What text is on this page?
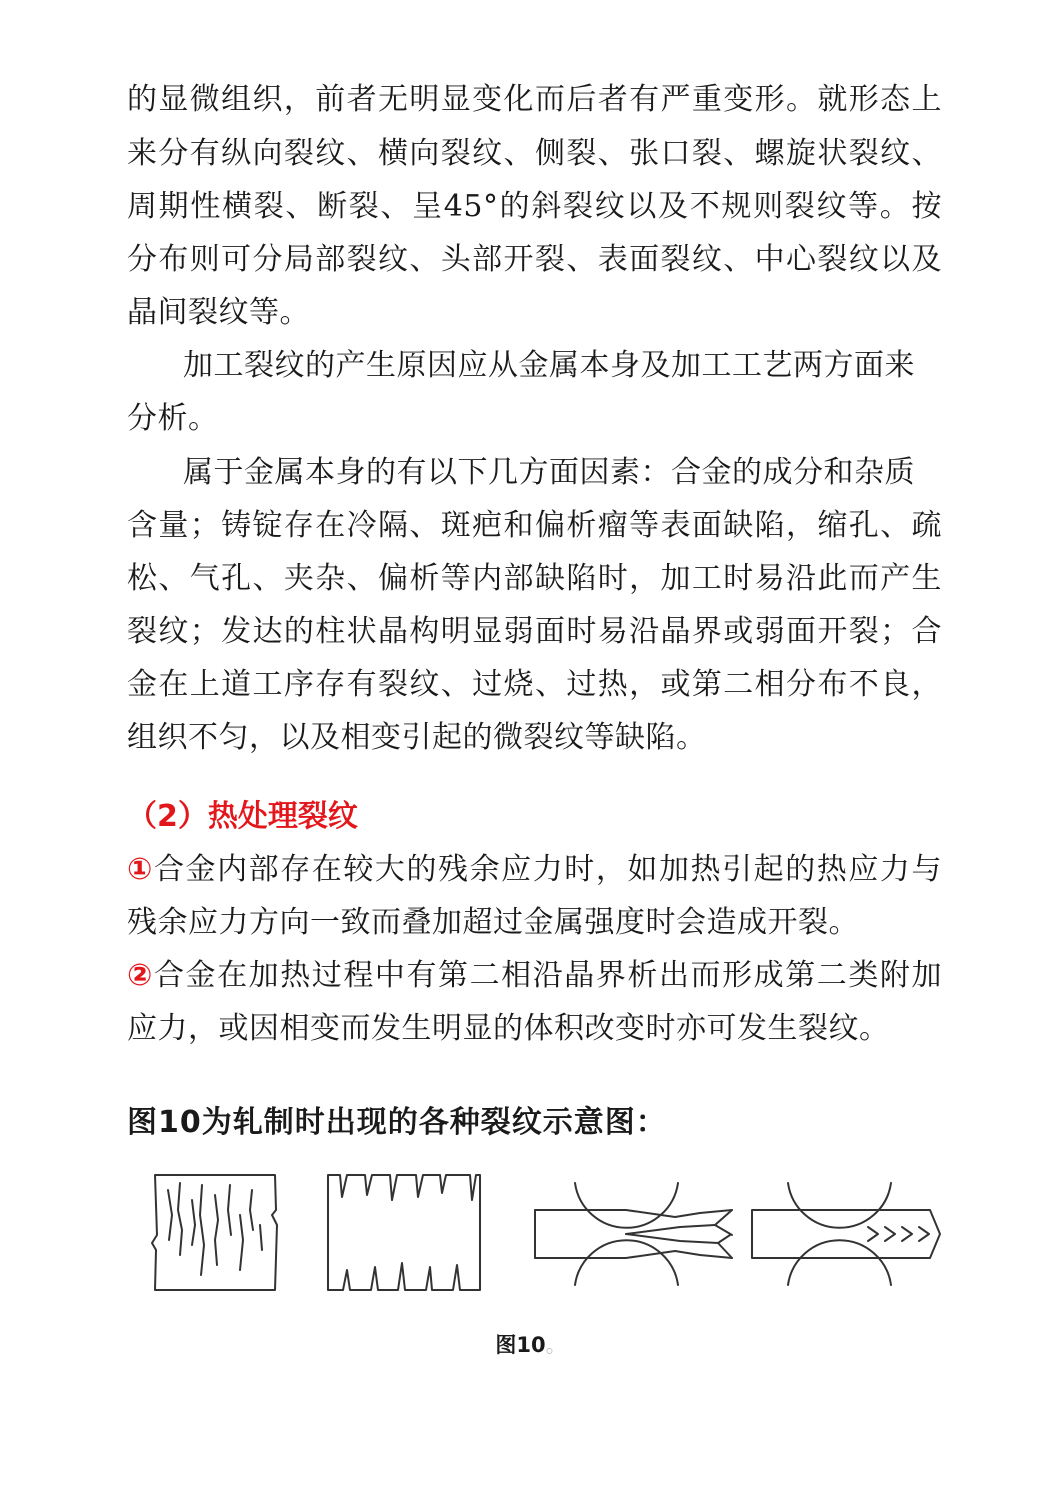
的显微组织，前者无明显变化而后者有严重变形。就形态上
来分有纵向裂纹、横向裂纹、侧裂、张口裂、螺旋状裂纹、
周期性横裂、断裂、呈45°的斜裂纹以及不规则裂纹等。按
分布则可分局部裂纹、头部开裂、表面裂纹、中心裂纹以及
晶间裂纹等。
加工裂纹的产生原因应从金属本身及加工工艺两方面来
分析。
属于金属本身的有以下几方面因素：合金的成分和杂质
含量；铸锭存在冷隔、斑疤和偏析瘤等表面缺陷，缩孔、疏
松、气孔、夹杂、偏析等内部缺陷时，加工时易沿此而产生
裂纹；发达的柱状晶构明显弱面时易沿晶界或弱面开裂；合
金在上道工序存有裂纹、过烧、过热，或第二相分布不良，
组织不匀，以及相变引起的微裂纹等缺陷。
（2）热处理裂纹
①合金内部存在较大的残余应力时，如加热引起的热应力与
残余应力方向一致而叠加超过金属强度时会造成开裂。
②合金在加热过程中有第二相沿晶界析出而形成第二类附加
应力，或因相变而发生明显的体积改变时亦可发生裂纹。
图10为轧制时出现的各种裂纹示意图：
图10。
